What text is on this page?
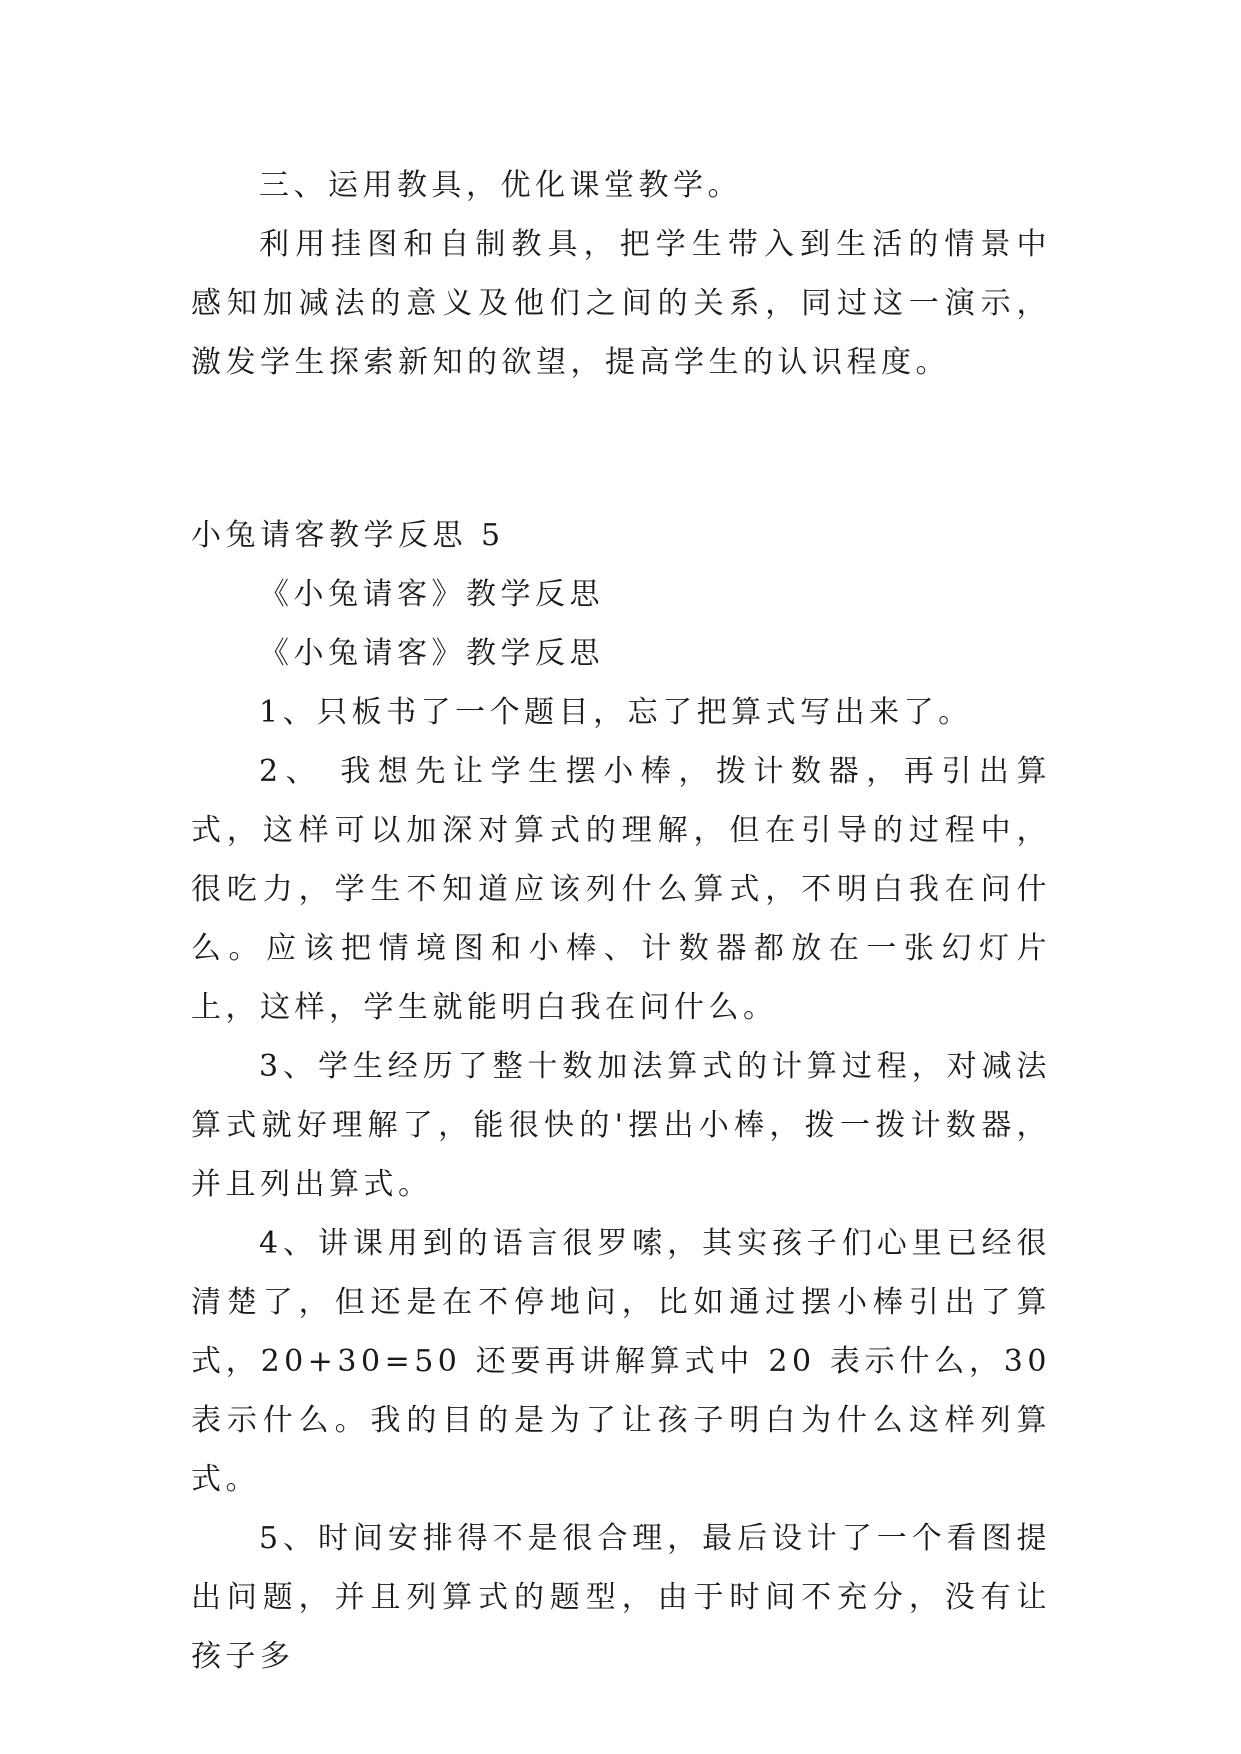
三、运用教具，优化课堂教学。

利用挂图和自制教具，把学生带入到生活的情景中感知加减法的意义及他们之间的关系，同过这一演示，激发学生探索新知的欲望，提高学生的认识程度。

小兔请客教学反思 5

《小兔请客》教学反思

《小兔请客》教学反思

1、只板书了一个题目，忘了把算式写出来了。

2、 我想先让学生摆小棒，拨计数器，再引出算式，这样可以加深对算式的理解，但在引导的过程中，很吃力，学生不知道应该列什么算式，不明白我在问什么。应该把情境图和小棒、计数器都放在一张幻灯片上，这样，学生就能明白我在问什么。

3、学生经历了整十数加法算式的计算过程，对减法算式就好理解了，能很快的'摆出小棒，拨一拨计数器，并且列出算式。

4、讲课用到的语言很罗嗦，其实孩子们心里已经很清楚了，但还是在不停地问，比如通过摆小棒引出了算式，20+30=50 还要再讲解算式中 20 表示什么，30 表示什么。我的目的是为了让孩子明白为什么这样列算式。

5、时间安排得不是很合理，最后设计了一个看图提出问题，并且列算式的题型，由于时间不充分，没有让孩子多
